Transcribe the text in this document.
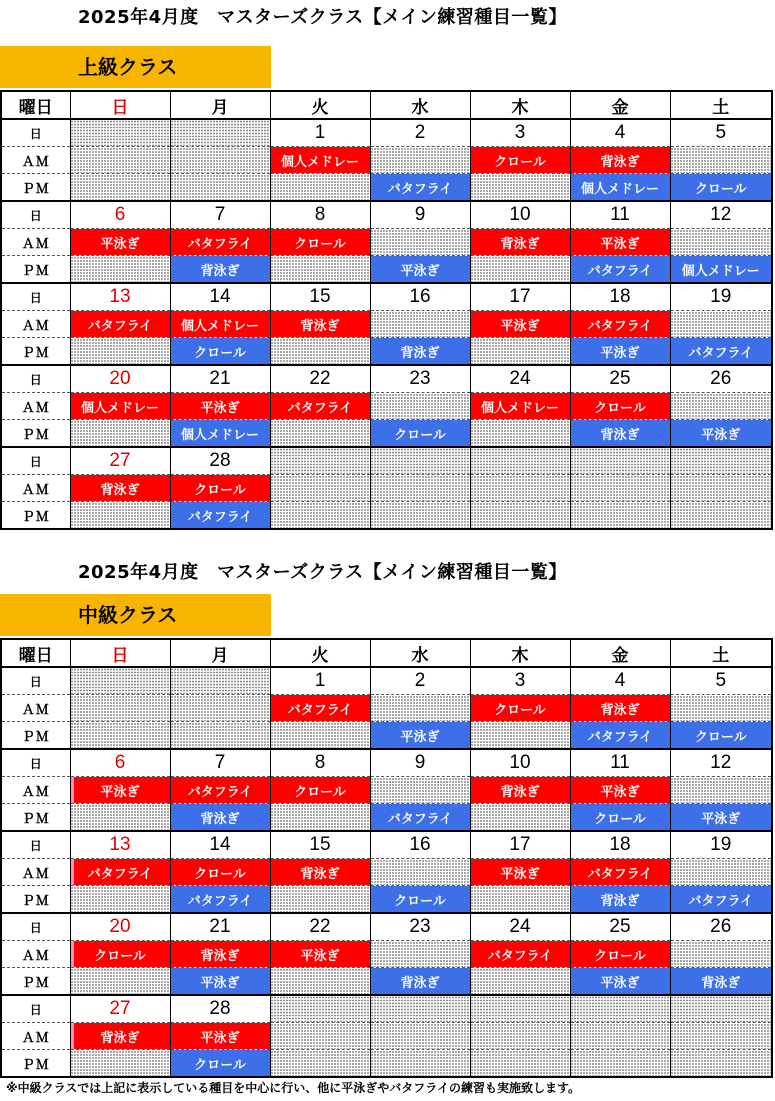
2025年4月度　マスターズクラス【メイン練習種目一覧】
上級クラス
曜日	日	月	火	水	木	金	土
日			1	2	3	4	5
ＡＭ			個人メドレー		クロール	背泳ぎ	
ＰＭ				バタフライ		個人メドレー	クロール
日	6	7	8	9	10	11	12
ＡＭ	平泳ぎ	バタフライ	クロール		背泳ぎ	平泳ぎ	
ＰＭ		背泳ぎ		平泳ぎ		バタフライ	個人メドレー
日	13	14	15	16	17	18	19
ＡＭ	バタフライ	個人メドレー	背泳ぎ		平泳ぎ	バタフライ	
ＰＭ		クロール		背泳ぎ		平泳ぎ	バタフライ
日	20	21	22	23	24	25	26
ＡＭ	個人メドレー	平泳ぎ	バタフライ		個人メドレー	クロール	
ＰＭ		個人メドレー		クロール		背泳ぎ	平泳ぎ
日	27	28					
ＡＭ	背泳ぎ	クロール					
ＰＭ		バタフライ					
2025年4月度　マスターズクラス【メイン練習種目一覧】
中級クラス
曜日	日	月	火	水	木	金	土
日			1	2	3	4	5
ＡＭ			バタフライ		クロール	背泳ぎ	
ＰＭ				平泳ぎ		バタフライ	クロール
日	6	7	8	9	10	11	12
ＡＭ	平泳ぎ	バタフライ	クロール		背泳ぎ	平泳ぎ	
ＰＭ		背泳ぎ		バタフライ		クロール	平泳ぎ
日	13	14	15	16	17	18	19
ＡＭ	バタフライ	クロール	背泳ぎ		平泳ぎ	バタフライ	
ＰＭ		バタフライ		クロール		背泳ぎ	バタフライ
日	20	21	22	23	24	25	26
ＡＭ	クロール	背泳ぎ	平泳ぎ		バタフライ	クロール	
ＰＭ		平泳ぎ		背泳ぎ		平泳ぎ	背泳ぎ
日	27	28					
ＡＭ	背泳ぎ	平泳ぎ					
ＰＭ		クロール					
※中級クラスでは上記に表示している種目を中心に行い、他に平泳ぎやバタフライの練習も実施致します。
